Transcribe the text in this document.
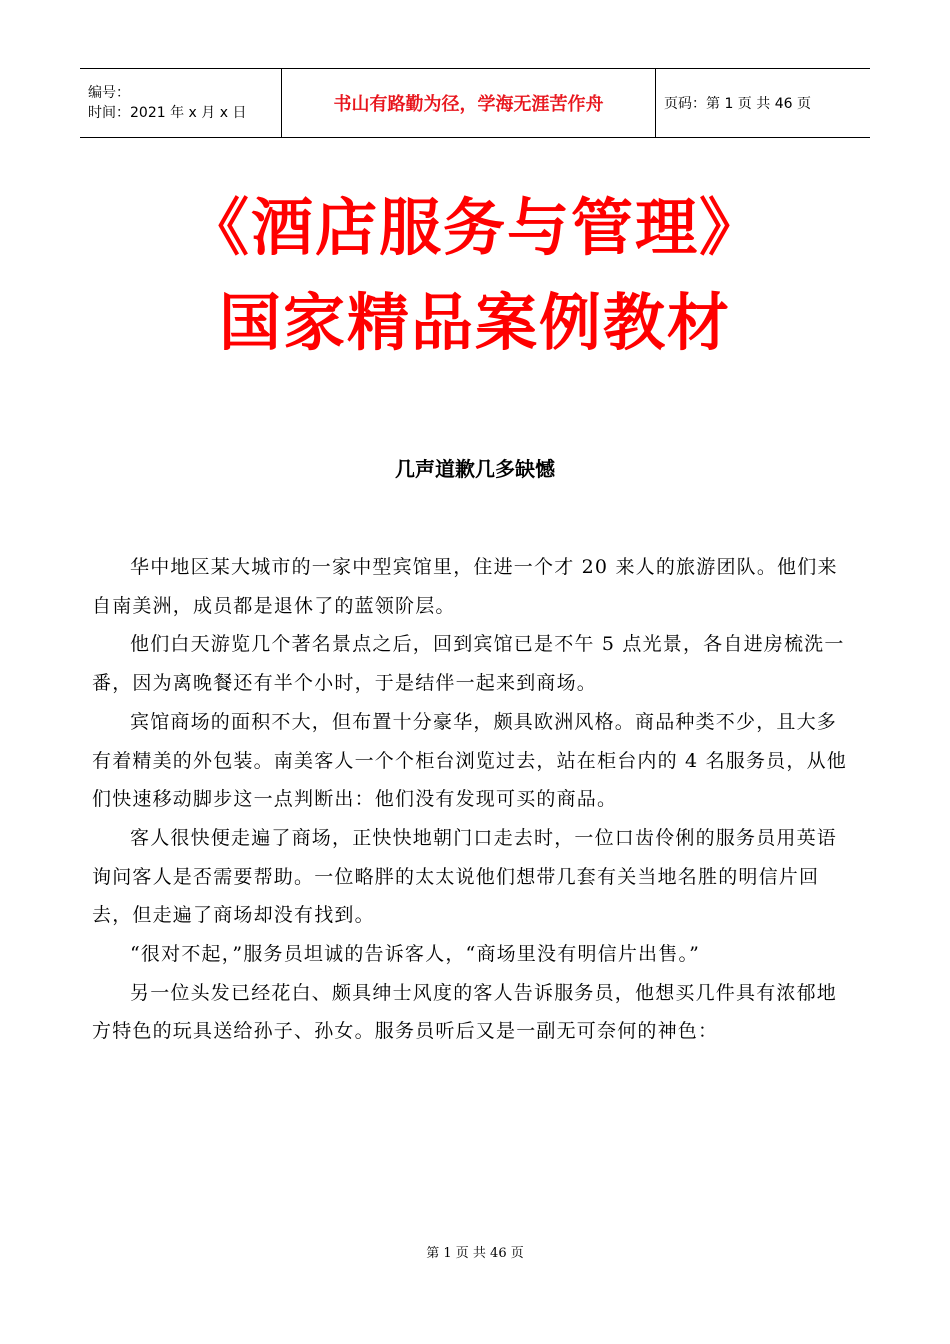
编号：
时间：2021 年 x 月 x 日	书山有路勤为径，学海无涯苦作舟	页码：第 1 页 共 46 页
《酒店服务与管理》
国家精品案例教材
几声道歉几多缺憾

华中地区某大城市的一家中型宾馆里，住进一个才 20 来人的旅游团队。他们来自南美洲，成员都是退休了的蓝领阶层。

他们白天游览几个著名景点之后，回到宾馆已是不午 5 点光景，各自进房梳洗一番，因为离晚餐还有半个小时，于是结伴一起来到商场。

宾馆商场的面积不大，但布置十分豪华，颇具欧洲风格。商品种类不少，且大多有着精美的外包装。南美客人一个个柜台浏览过去，站在柜台内的 4 名服务员，从他们快速移动脚步这一点判断出：他们没有发现可买的商品。

客人很快便走遍了商场，正快快地朝门口走去时，一位口齿伶俐的服务员用英语询问客人是否需要帮助。一位略胖的太太说他们想带几套有关当地名胜的明信片回去，但走遍了商场却没有找到。

“很对不起，”服务员坦诚的告诉客人，“商场里没有明信片出售。”

另一位头发已经花白、颇具绅士风度的客人告诉服务员，他想买几件具有浓郁地方特色的玩具送给孙子、孙女。服务员听后又是一副无可奈何的神色：

第 1 页 共 46 页
